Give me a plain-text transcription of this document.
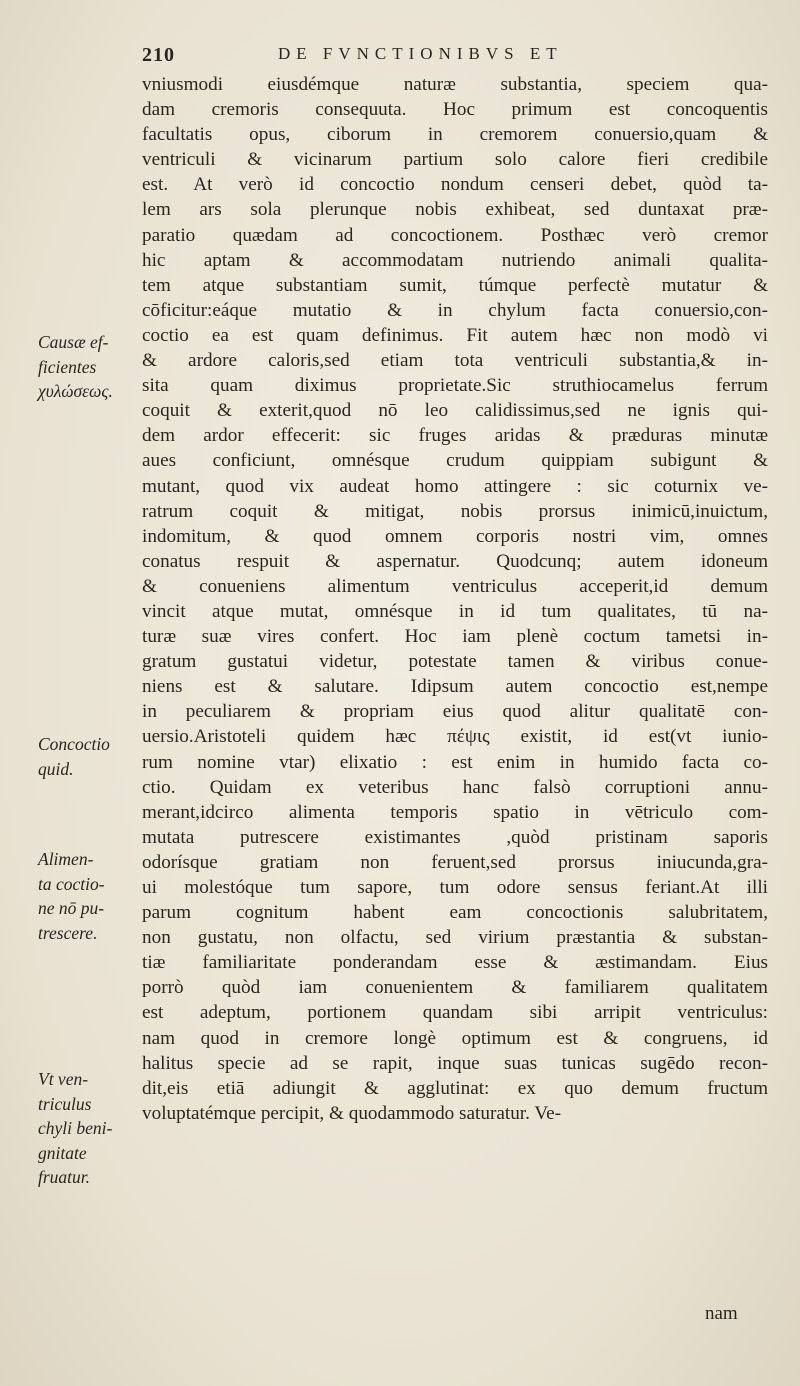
210	DE FVNCTIONIBVS ET
Causæ ef-
ficientes
χυλώσεως.
Concoctio
quid.
Alimen-
ta coctio-
ne nō pu-
trescere.
Vt ven-
triculus
chyli beni-
gnitate
fruatur.
vniusmodi eiusdémque naturæ substantia, speciem qua-
dam cremoris consequuta. Hoc primum est concoquentis
facultatis opus, ciborum in cremorem conuersio,quam &
ventriculi & vicinarum partium solo calore fieri credibile
est. At verò id concoctio nondum censeri debet, quòd ta-
lem ars sola plerunque nobis exhibeat, sed duntaxat præ-
paratio quædam ad concoctionem. Posthæc verò cremor
hic aptam & accommodatam nutriendo animali qualita-
tem atque substantiam sumit, túmque perfectè mutatur &
cōficitur:eáque mutatio & in chylum facta conuersio,con-
coctio ea est quam definimus. Fit autem hæc non modò vi
& ardore caloris,sed etiam tota ventriculi substantia,& in-
sita quam diximus proprietate.Sic struthiocamelus ferrum
coquit & exterit,quod nō leo calidissimus,sed ne ignis qui-
dem ardor effecerit: sic fruges aridas & præduras minutæ
aues conficiunt, omnésque crudum quippiam subigunt &
mutant, quod vix audeat homo attingere : sic coturnix ve-
ratrum coquit & mitigat, nobis prorsus inimicū,inuictum,
indomitum, & quod omnem corporis nostri vim, omnes
conatus respuit & aspernatur. Quodcunq; autem idoneum
& conueniens alimentum ventriculus acceperit,id demum
vincit atque mutat, omnésque in id tum qualitates, tū na-
turæ suæ vires confert. Hoc iam plenè coctum tametsi in-
gratum gustatui videtur, potestate tamen & viribus conue-
niens est & salutare. Idipsum autem concoctio est,nempe
in peculiarem & propriam eius quod alitur qualitatē con-
uersio.Aristoteli quidem hæc πέψις existit, id est(vt iunio-
rum nomine vtar) elixatio : est enim in humido facta co-
ctio. Quidam ex veteribus hanc falsò corruptioni annu-
merant,idcirco alimenta temporis spatio in vētriculo com-
mutata putrescere existimantes ,quòd pristinam saporis
odorísque gratiam non feruent,sed prorsus iniucunda,gra-
ui molestóque tum sapore, tum odore sensus feriant.At illi
parum cognitum habent eam concoctionis salubritatem,
non gustatu, non olfactu, sed virium præstantia & substan-
tiæ familiaritate ponderandam esse & æstimandam. Eius
porrò quòd iam conuenientem & familiarem qualitatem
est adeptum, portionem quandam sibi arripit ventriculus:
nam quod in cremore longè optimum est & congruens, id
halitus specie ad se rapit, inque suas tunicas sugēdo recon-
dit,eis etiā adiungit & agglutinat: ex quo demum fructum
voluptatémque percipit, & quodammodo saturatur. Ve-
nam
